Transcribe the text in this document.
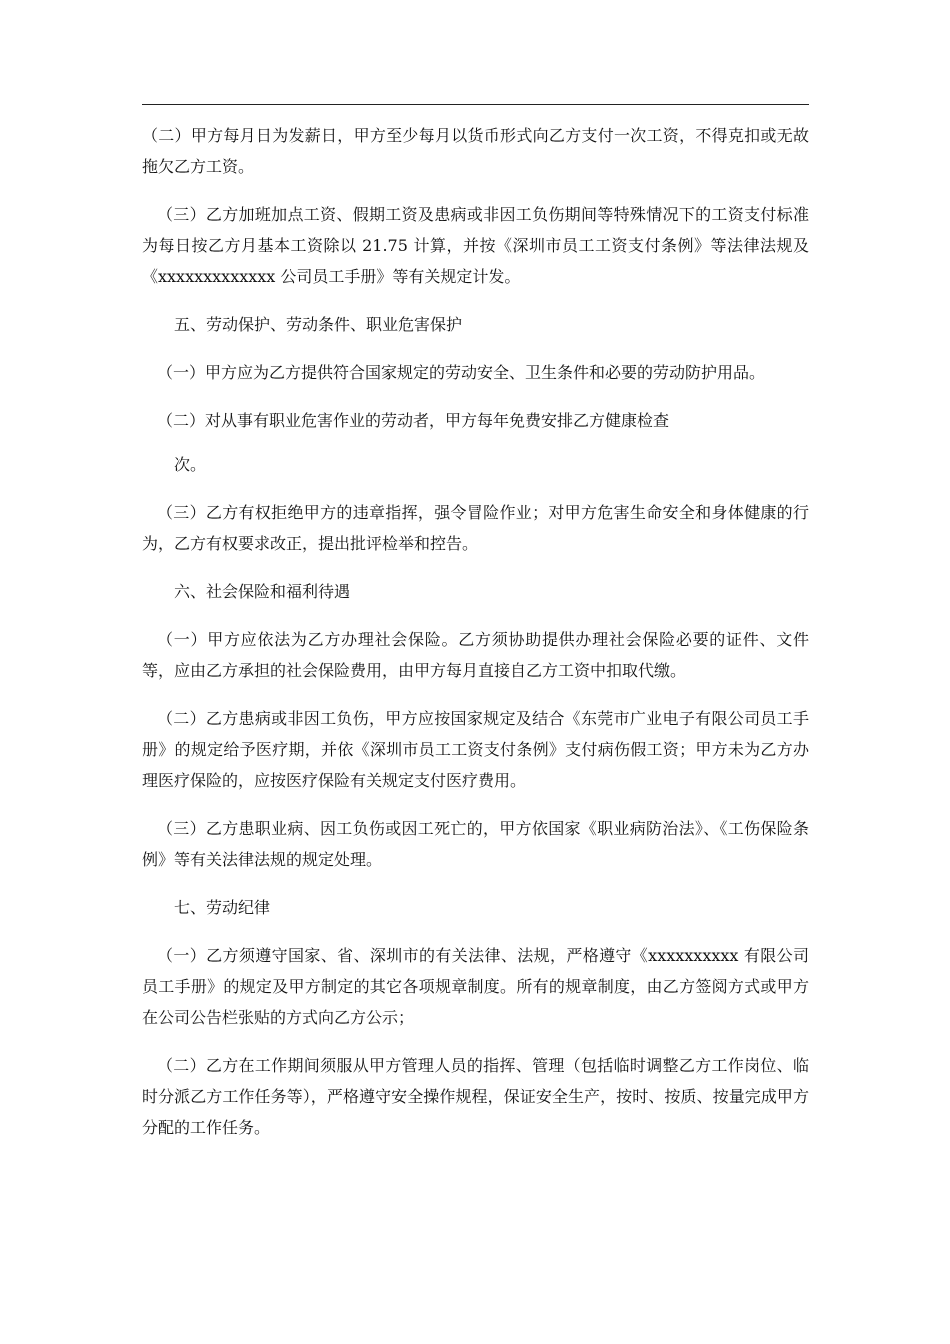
（二）甲方每月日为发薪日，甲方至少每月以货币形式向乙方支付一次工资，不得克扣或无故拖欠乙方工资。

（三）乙方加班加点工资、假期工资及患病或非因工负伤期间等特殊情况下的工资支付标准为每日按乙方月基本工资除以 21.75 计算，并按《深圳市员工工资支付条例》等法律法规及《xxxxxxxxxxxxx 公司员工手册》等有关规定计发。

五、劳动保护、劳动条件、职业危害保护

（一）甲方应为乙方提供符合国家规定的劳动安全、卫生条件和必要的劳动防护用品。

（二）对从事有职业危害作业的劳动者，甲方每年免费安排乙方健康检查

次。

（三）乙方有权拒绝甲方的违章指挥，强令冒险作业；对甲方危害生命安全和身体健康的行为，乙方有权要求改正，提出批评检举和控告。

六、社会保险和福利待遇

（一）甲方应依法为乙方办理社会保险。乙方须协助提供办理社会保险必要的证件、文件等，应由乙方承担的社会保险费用，由甲方每月直接自乙方工资中扣取代缴。

（二）乙方患病或非因工负伤，甲方应按国家规定及结合《东莞市广业电子有限公司员工手册》的规定给予医疗期，并依《深圳市员工工资支付条例》支付病伤假工资；甲方未为乙方办理医疗保险的，应按医疗保险有关规定支付医疗费用。

（三）乙方患职业病、因工负伤或因工死亡的，甲方依国家《职业病防治法》、《工伤保险条例》等有关法律法规的规定处理。

七、劳动纪律

（一）乙方须遵守国家、省、深圳市的有关法律、法规，严格遵守《xxxxxxxxxx 有限公司员工手册》的规定及甲方制定的其它各项规章制度。所有的规章制度，由乙方签阅方式或甲方在公司公告栏张贴的方式向乙方公示；

（二）乙方在工作期间须服从甲方管理人员的指挥、管理（包括临时调整乙方工作岗位、临时分派乙方工作任务等），严格遵守安全操作规程，保证安全生产，按时、按质、按量完成甲方分配的工作任务。
